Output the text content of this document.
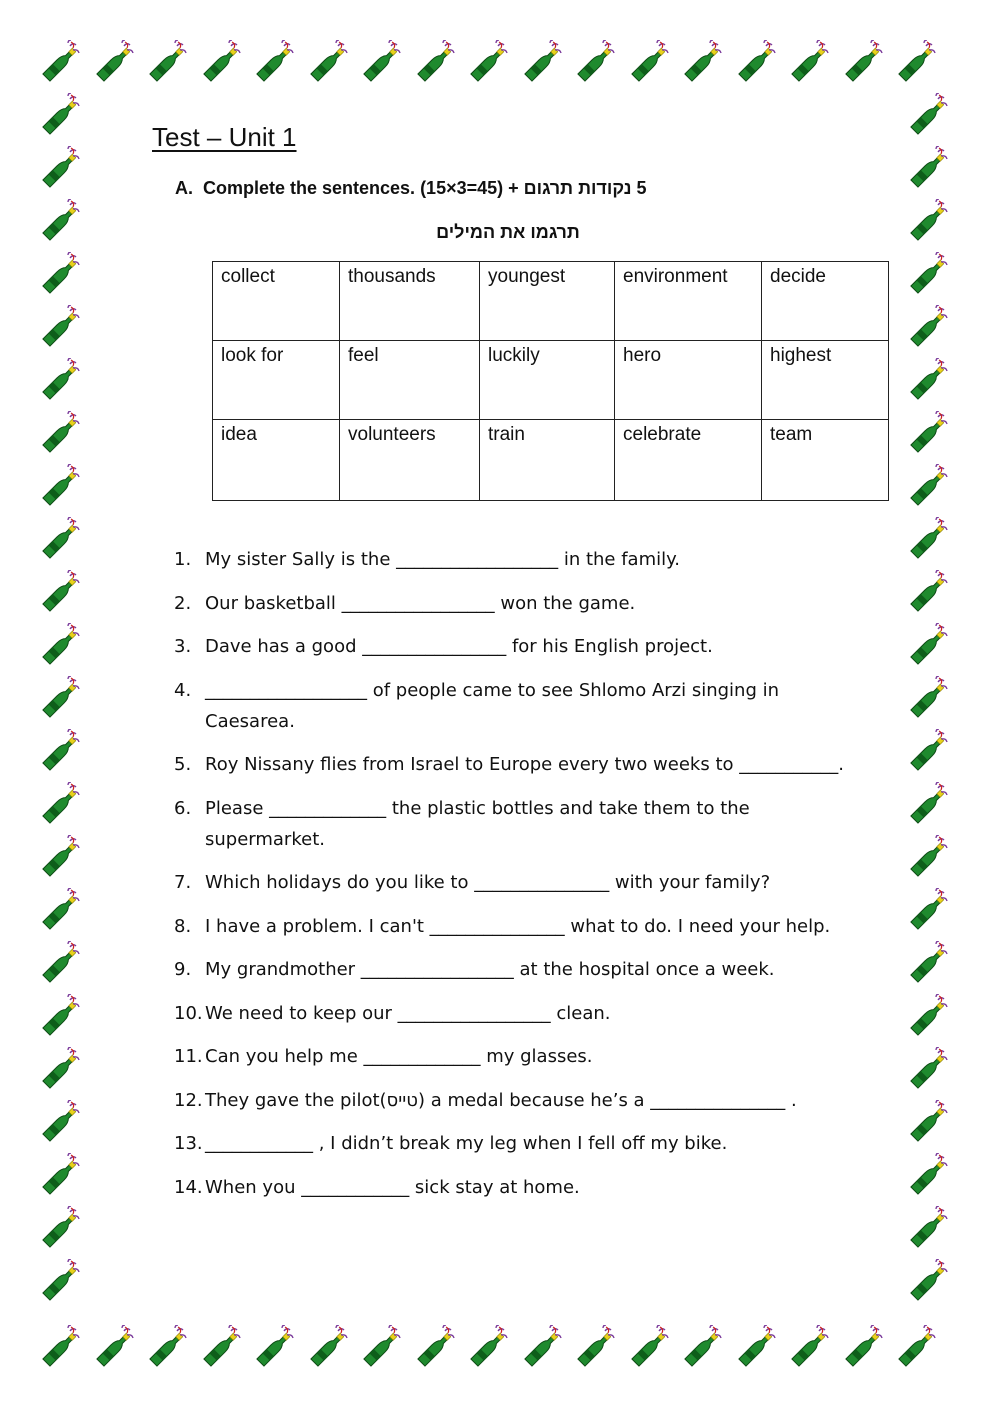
Test – Unit 1
A. Complete the sentences. (15×3=45) + 5 נקודות תרגום
תרגמו את המילים
collect	thousands	youngest	environment	decide
look for	feel	luckily	hero	highest
idea	volunteers	train	celebrate	team
1. My sister Sally is the __________________ in the family.
2. Our basketball _________________ won the game.
3. Dave has a good ________________ for his English project.
4. __________________ of people came to see Shlomo Arzi singing in Caesarea.
5. Roy Nissany flies from Israel to Europe every two weeks to ___________.
6. Please _____________ the plastic bottles and take them to the supermarket.
7. Which holidays do you like to _______________ with your family?
8. I have a problem. I can't _______________ what to do. I need your help.
9. My grandmother _________________ at the hospital once a week.
10. We need to keep our _________________ clean.
11. Can you help me _____________ my glasses.
12. They gave the pilot(טייס) a medal because he’s a _______________ .
13. ____________ , I didn’t break my leg when I fell off my bike.
14. When you ____________ sick stay at home.
